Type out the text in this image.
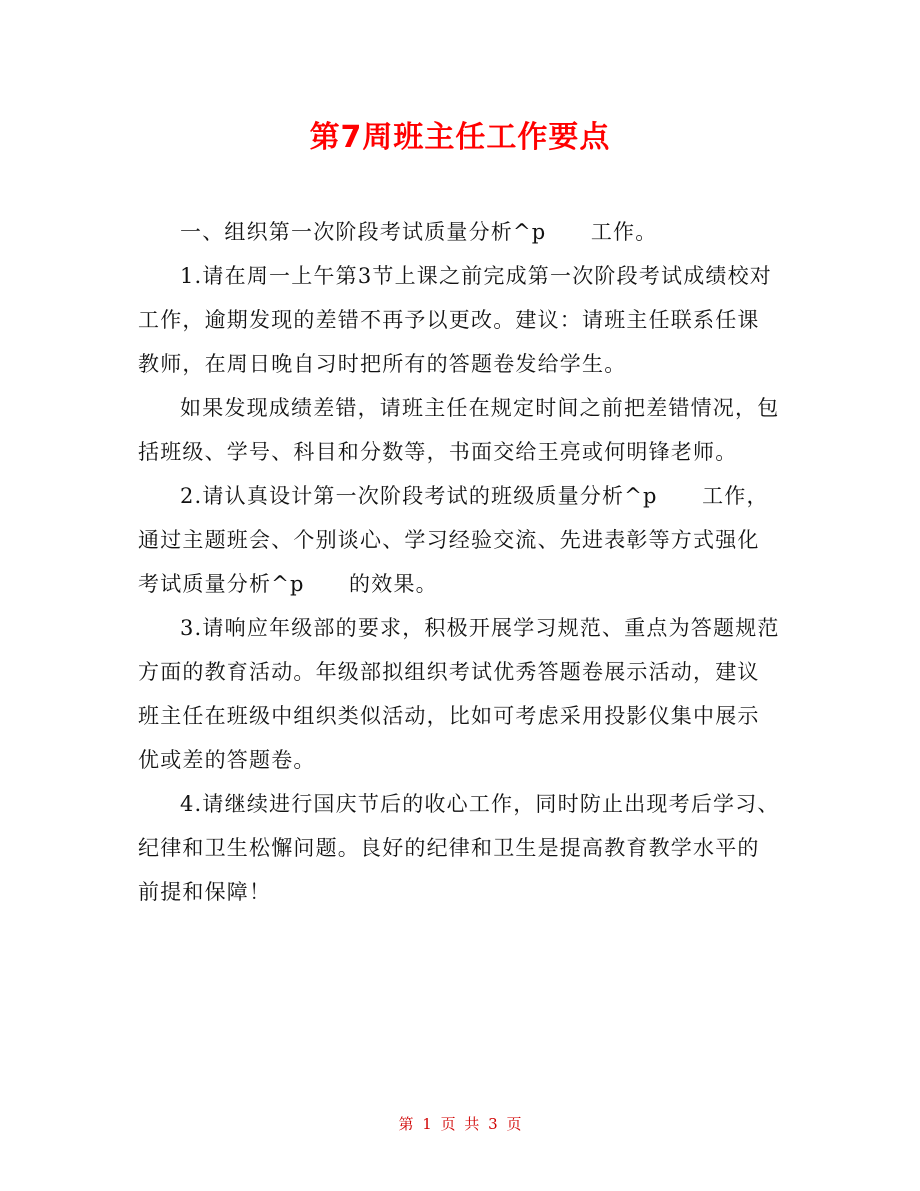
第7周班主任工作要点

一、组织第一次阶段考试质量分析^p　　工作。

1.请在周一上午第3节上课之前完成第一次阶段考试成绩校对工作，逾期发现的差错不再予以更改。建议：请班主任联系任课教师，在周日晚自习时把所有的答题卷发给学生。

如果发现成绩差错，请班主任在规定时间之前把差错情况，包括班级、学号、科目和分数等，书面交给王亮或何明锋老师。

2.请认真设计第一次阶段考试的班级质量分析^p　　工作，通过主题班会、个别谈心、学习经验交流、先进表彰等方式强化考试质量分析^p　　的效果。

3.请响应年级部的要求，积极开展学习规范、重点为答题规范方面的教育活动。年级部拟组织考试优秀答题卷展示活动，建议班主任在班级中组织类似活动，比如可考虑采用投影仪集中展示优或差的答题卷。

4.请继续进行国庆节后的收心工作，同时防止出现考后学习、纪律和卫生松懈问题。良好的纪律和卫生是提高教育教学水平的前提和保障！

第 1 页 共 3 页
